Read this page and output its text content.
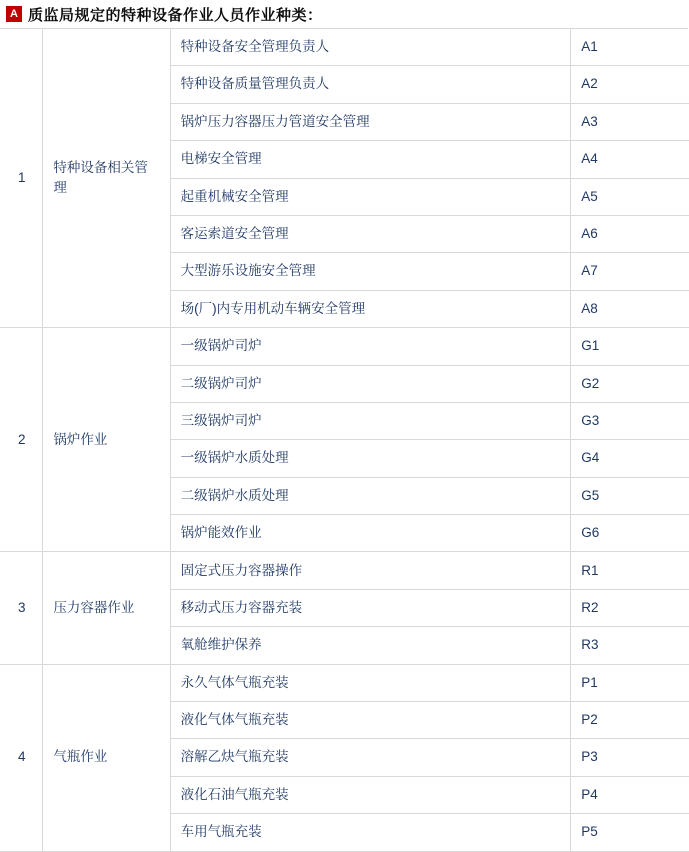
A 质监局规定的特种设备作业人员作业种类：
1	特种设备相关管理	特种设备安全管理负责人	A1
		特种设备质量管理负责人	A2
		锅炉压力容器压力管道安全管理	A3
		电梯安全管理	A4
		起重机械安全管理	A5
		客运索道安全管理	A6
		大型游乐设施安全管理	A7
		场(厂)内专用机动车辆安全管理	A8
2	锅炉作业	一级锅炉司炉	G1
		二级锅炉司炉	G2
		三级锅炉司炉	G3
		一级锅炉水质处理	G4
		二级锅炉水质处理	G5
		锅炉能效作业	G6
3	压力容器作业	固定式压力容器操作	R1
		移动式压力容器充装	R2
		氧舱维护保养	R3
4	气瓶作业	永久气体气瓶充装	P1
		液化气体气瓶充装	P2
		溶解乙炔气瓶充装	P3
		液化石油气瓶充装	P4
		车用气瓶充装	P5
